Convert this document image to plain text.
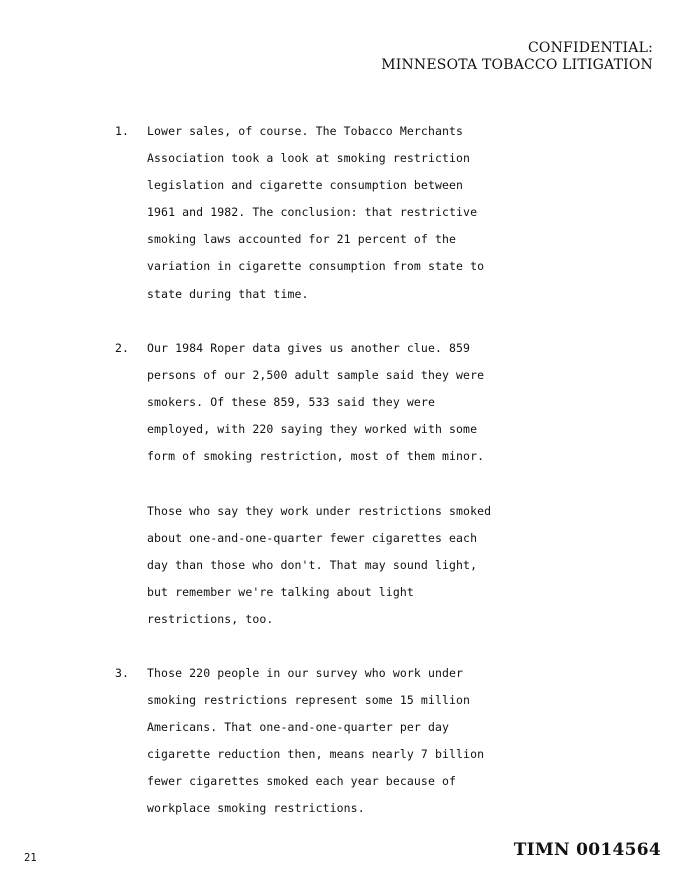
CONFIDENTIAL:
MINNESOTA TOBACCO LITIGATION
1.	Lower sales, of course. The Tobacco Merchants
Association took a look at smoking restriction
legislation and cigarette consumption between
1961 and 1982. The conclusion: that restrictive
smoking laws accounted for 21 percent of the
variation in cigarette consumption from state to
state during that time.
2.	Our 1984 Roper data gives us another clue. 859
persons of our 2,500 adult sample said they were
smokers. Of these 859, 533 said they were
employed, with 220 saying they worked with some
form of smoking restriction, most of them minor.
Those who say they work under restrictions smoked
about one-and-one-quarter fewer cigarettes each
day than those who don't. That may sound light,
but remember we're talking about light
restrictions, too.
3.	Those 220 people in our survey who work under
smoking restrictions represent some 15 million
Americans. That one-and-one-quarter per day
cigarette reduction then, means nearly 7 billion
fewer cigarettes smoked each year because of
workplace smoking restrictions.
21	TIMN 0014564
